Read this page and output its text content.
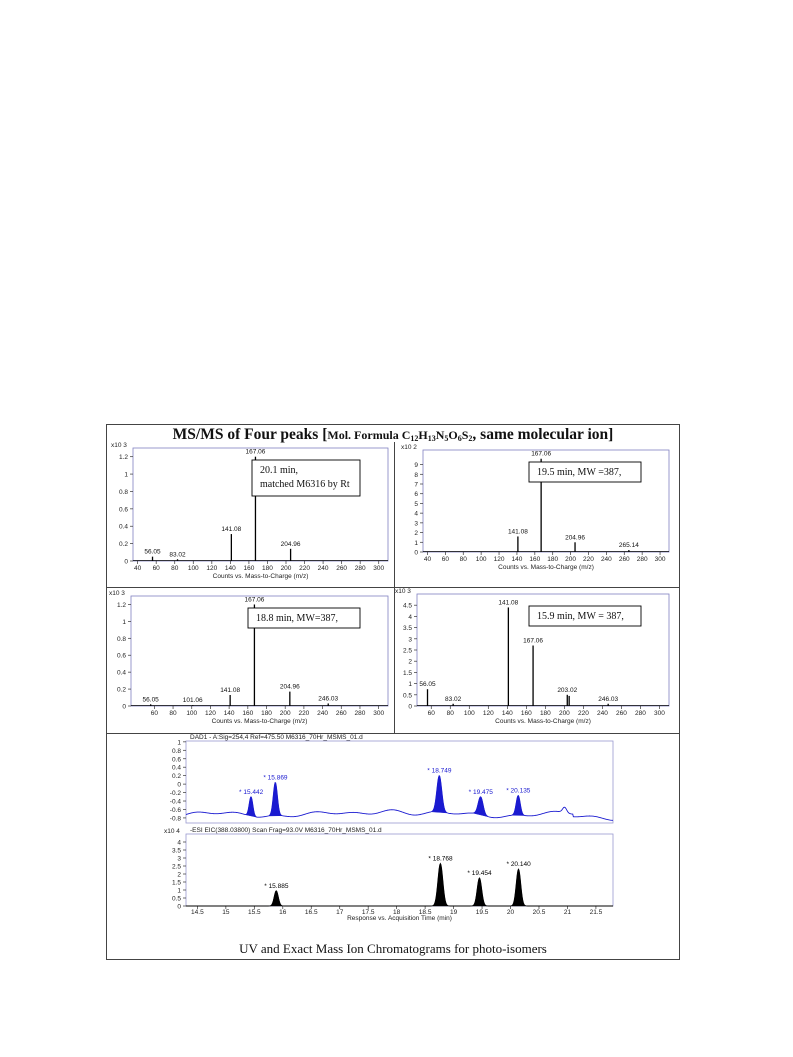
0
0.2
0.4
0.6
0.8
1
1.2
x10 3
40 60 80 100 120 140 160 180 200 220 240 260 280 300
Counts vs. Mass-to-Charge (m/z)
56.05 83.02
141.08
167.06
204.96
20.1 min,
matched M6316 by Rt
0
1
2
3
4
5
6
7
8
9
x10 2
40 60 80 100 120 140 160 180 200 220 240 260 280 300
Counts vs. Mass-to-Charge (m/z)
141.08
167.06
204.96
265.14
19.5 min, MW =387,
0
0.2
0.4
0.6
0.8
1
1.2
x10 3
60 80 100 120 140 160 180 200 220 240 260 280 300
Counts vs. Mass-to-Charge (m/z)
56.05	101.06
141.08
167.06
204.96
246.03
18.8 min, MW=387,
0
0.5
1
1.5
2
2.5
3
3.5
4
4.5
x10 3
60 80 100 120 140 160 180 200 220 240 260 280 300
Counts vs. Mass-to-Charge (m/z)
56.05
83.02
141.08
167.06
203.02
246.03
15.9 min, MW = 387,
1
0.8
0.6
0.4
0.2
0
-0.2
-0.4
-0.6
-0.8
DAD1 - A:Sig=254,4 Ref=475.50 M6316_70Hr_MSMS_01.d
* 15.442
* 15.869
* 18.749
* 19.475 * 20.135
0
0.5
1
1.5
2
2.5
3
3.5
4
x10 4
14.5	15	15.5	16	16.5	17	17.5	18	18.5	19	19.5	20	20.5	21	21.5
Response vs. Acquisition Time (min)
-ESI EIC(388.03800) Scan Frag=93.0V M6316_70Hr_MSMS_01.d
* 15.885
* 18.768
* 19.454
* 20.140
MS/MS of Four peaks [Mol. Formula $C_{12}H_{13}N_5O_6S_2$, same molecular ion]
UV and Exact Mass Ion Chromatograms for photo-isomers
